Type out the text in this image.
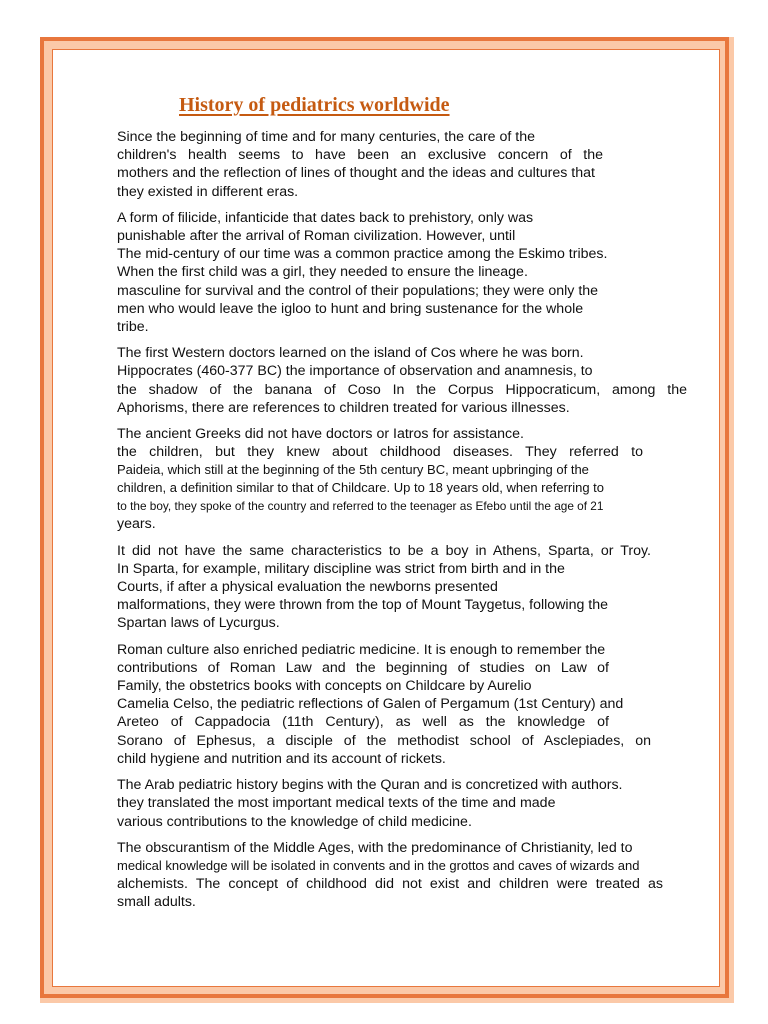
History of pediatrics worldwide

Since the beginning of time and for many centuries, the care of the
children's health seems to have been an exclusive concern of the
mothers and the reflection of lines of thought and the ideas and cultures that
they existed in different eras.

A form of filicide, infanticide that dates back to prehistory, only was
punishable after the arrival of Roman civilization. However, until
The mid-century of our time was a common practice among the Eskimo tribes.
When the first child was a girl, they needed to ensure the lineage.
masculine for survival and the control of their populations; they were only the
men who would leave the igloo to hunt and bring sustenance for the whole
tribe.

The first Western doctors learned on the island of Cos where he was born.
Hippocrates (460-377 BC) the importance of observation and anamnesis, to
the shadow of the banana of Coso In the Corpus Hippocraticum, among the
Aphorisms, there are references to children treated for various illnesses.

The ancient Greeks did not have doctors or Iatros for assistance.
the children, but they knew about childhood diseases. They referred to
Paideia, which still at the beginning of the 5th century BC, meant upbringing of the
children, a definition similar to that of Childcare. Up to 18 years old, when referring to
to the boy, they spoke of the country and referred to the teenager as Efebo until the age of 21
years.

It did not have the same characteristics to be a boy in Athens, Sparta, or Troy.
In Sparta, for example, military discipline was strict from birth and in the
Courts, if after a physical evaluation the newborns presented
malformations, they were thrown from the top of Mount Taygetus, following the
Spartan laws of Lycurgus.

Roman culture also enriched pediatric medicine. It is enough to remember the
contributions of Roman Law and the beginning of studies on Law of
Family, the obstetrics books with concepts on Childcare by Aurelio
Camelia Celso, the pediatric reflections of Galen of Pergamum (1st Century) and
Areteo of Cappadocia (11th Century), as well as the knowledge of
Sorano of Ephesus, a disciple of the methodist school of Asclepiades, on
child hygiene and nutrition and its account of rickets.

The Arab pediatric history begins with the Quran and is concretized with authors.
they translated the most important medical texts of the time and made
various contributions to the knowledge of child medicine.

The obscurantism of the Middle Ages, with the predominance of Christianity, led to
medical knowledge will be isolated in convents and in the grottos and caves of wizards and
alchemists. The concept of childhood did not exist and children were treated as
small adults.
